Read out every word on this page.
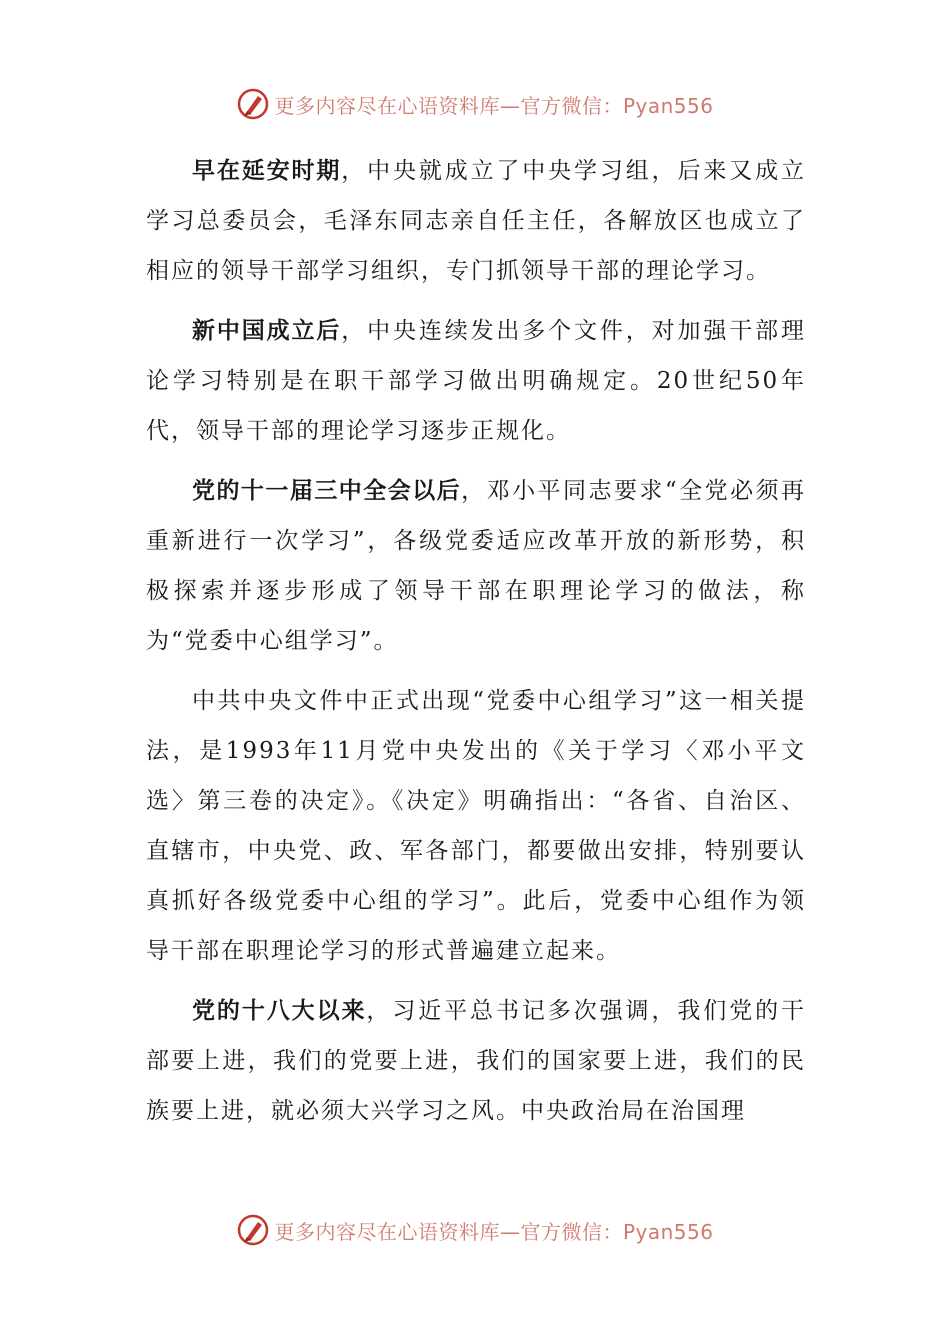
更多内容尽在心语资料库—官方微信：Pyan556

早在延安时期，中央就成立了中央学习组，后来又成立学习总委员会，毛泽东同志亲自任主任，各解放区也成立了相应的领导干部学习组织，专门抓领导干部的理论学习。

新中国成立后，中央连续发出多个文件，对加强干部理论学习特别是在职干部学习做出明确规定。20世纪50年代，领导干部的理论学习逐步正规化。

党的十一届三中全会以后，邓小平同志要求“全党必须再重新进行一次学习”，各级党委适应改革开放的新形势，积极探索并逐步形成了领导干部在职理论学习的做法，称为“党委中心组学习”。

中共中央文件中正式出现“党委中心组学习”这一相关提法，是1993年11月党中央发出的《关于学习〈邓小平文选〉第三卷的决定》。《决定》明确指出：“各省、自治区、直辖市，中央党、政、军各部门，都要做出安排，特别要认真抓好各级党委中心组的学习”。此后，党委中心组作为领导干部在职理论学习的形式普遍建立起来。

党的十八大以来，习近平总书记多次强调，我们党的干部要上进，我们的党要上进，我们的国家要上进，我们的民族要上进，就必须大兴学习之风。中央政治局在治国理

更多内容尽在心语资料库—官方微信：Pyan556
